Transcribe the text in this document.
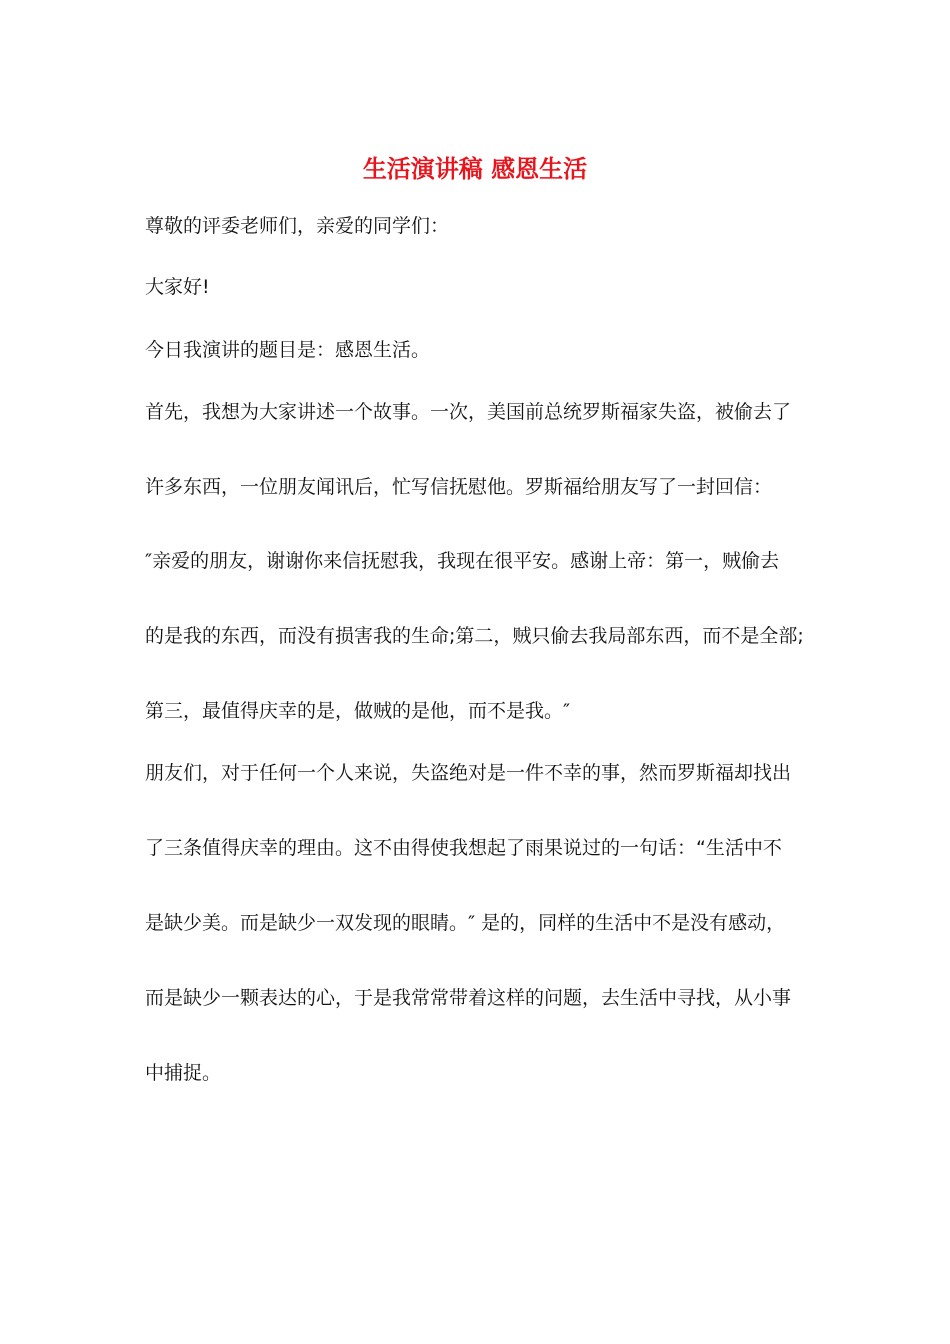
生活演讲稿 感恩生活
尊敬的评委老师们，亲爱的同学们：
大家好!
今日我演讲的题目是：感恩生活。
首先，我想为大家讲述一个故事。一次，美国前总统罗斯福家失盗，被偷去了
许多东西，一位朋友闻讯后，忙写信抚慰他。罗斯福给朋友写了一封回信：
″亲爱的朋友，谢谢你来信抚慰我，我现在很平安。感谢上帝：第一，贼偷去
的是我的东西，而没有损害我的生命;第二，贼只偷去我局部东西，而不是全部;
第三，最值得庆幸的是，做贼的是他，而不是我。″
朋友们，对于任何一个人来说，失盗绝对是一件不幸的事，然而罗斯福却找出
了三条值得庆幸的理由。这不由得使我想起了雨果说过的一句话：“生活中不
是缺少美。而是缺少一双发现的眼睛。″ 是的，同样的生活中不是没有感动，
而是缺少一颗表达的心，于是我常常带着这样的问题，去生活中寻找，从小事
中捕捉。
